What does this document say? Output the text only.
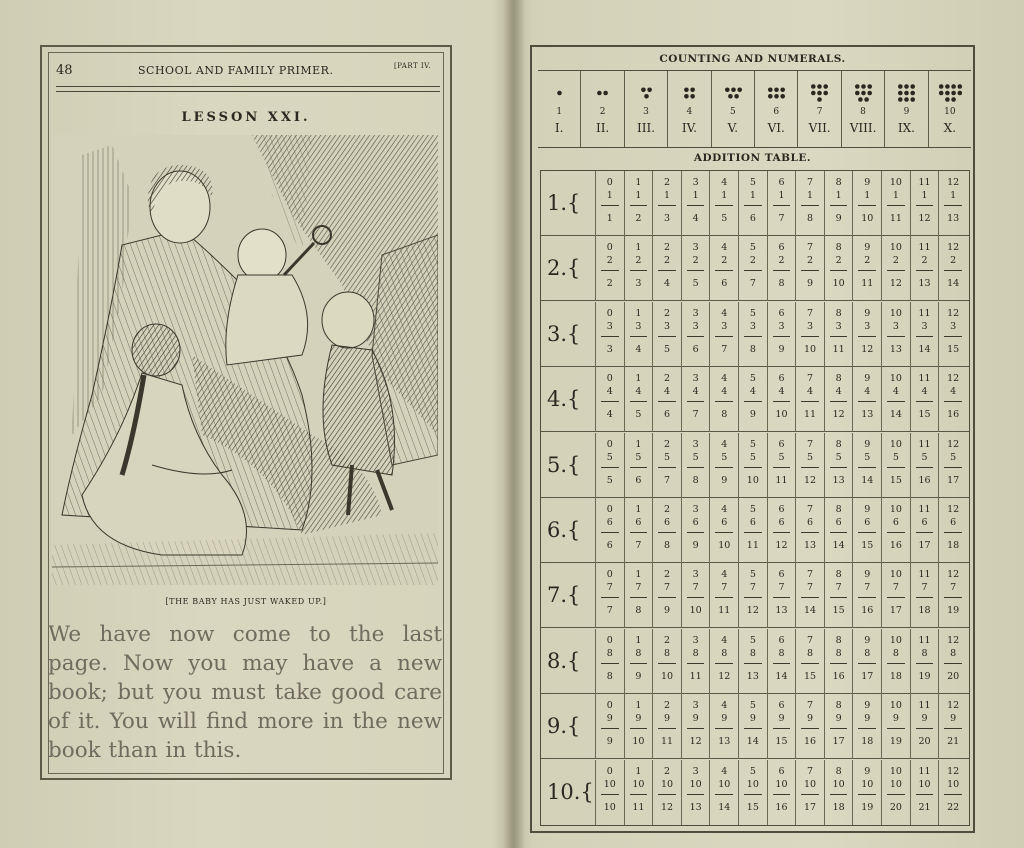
48	SCHOOL AND FAMILY PRIMER.	[PART IV.
LESSON XXI.
[THE BABY HAS JUST WAKED UP.]
We have now come to the last page. Now you may have a new book; but you must take good care of it. You will find more in the new book than in this.
COUNTING AND NUMERALS.
1
I.
2
II.
3
III.
4
IV.
5
V.
6
VI.
7
VII.
8
VIII.
9
IX.
10
X.
ADDITION TABLE.
1.{
0
1
1
1
1
2
2
1
3
3
1
4
4
1
5
5
1
6
6
1
7
7
1
8
8
1
9
9
1
10
10
1
11
11
1
12
12
1
13
2.{
0
2
2
1
2
3
2
2
4
3
2
5
4
2
6
5
2
7
6
2
8
7
2
9
8
2
10
9
2
11
10
2
12
11
2
13
12
2
14
3.{
0
3
3
1
3
4
2
3
5
3
3
6
4
3
7
5
3
8
6
3
9
7
3
10
8
3
11
9
3
12
10
3
13
11
3
14
12
3
15
4.{
0
4
4
1
4
5
2
4
6
3
4
7
4
4
8
5
4
9
6
4
10
7
4
11
8
4
12
9
4
13
10
4
14
11
4
15
12
4
16
5.{
0
5
5
1
5
6
2
5
7
3
5
8
4
5
9
5
5
10
6
5
11
7
5
12
8
5
13
9
5
14
10
5
15
11
5
16
12
5
17
6.{
0
6
6
1
6
7
2
6
8
3
6
9
4
6
10
5
6
11
6
6
12
7
6
13
8
6
14
9
6
15
10
6
16
11
6
17
12
6
18
7.{
0
7
7
1
7
8
2
7
9
3
7
10
4
7
11
5
7
12
6
7
13
7
7
14
8
7
15
9
7
16
10
7
17
11
7
18
12
7
19
8.{
0
8
8
1
8
9
2
8
10
3
8
11
4
8
12
5
8
13
6
8
14
7
8
15
8
8
16
9
8
17
10
8
18
11
8
19
12
8
20
9.{
0
9
9
1
9
10
2
9
11
3
9
12
4
9
13
5
9
14
6
9
15
7
9
16
8
9
17
9
9
18
10
9
19
11
9
20
12
9
21
10.{
0
10
10
1
10
11
2
10
12
3
10
13
4
10
14
5
10
15
6
10
16
7
10
17
8
10
18
9
10
19
10
10
20
11
10
21
12
10
22
